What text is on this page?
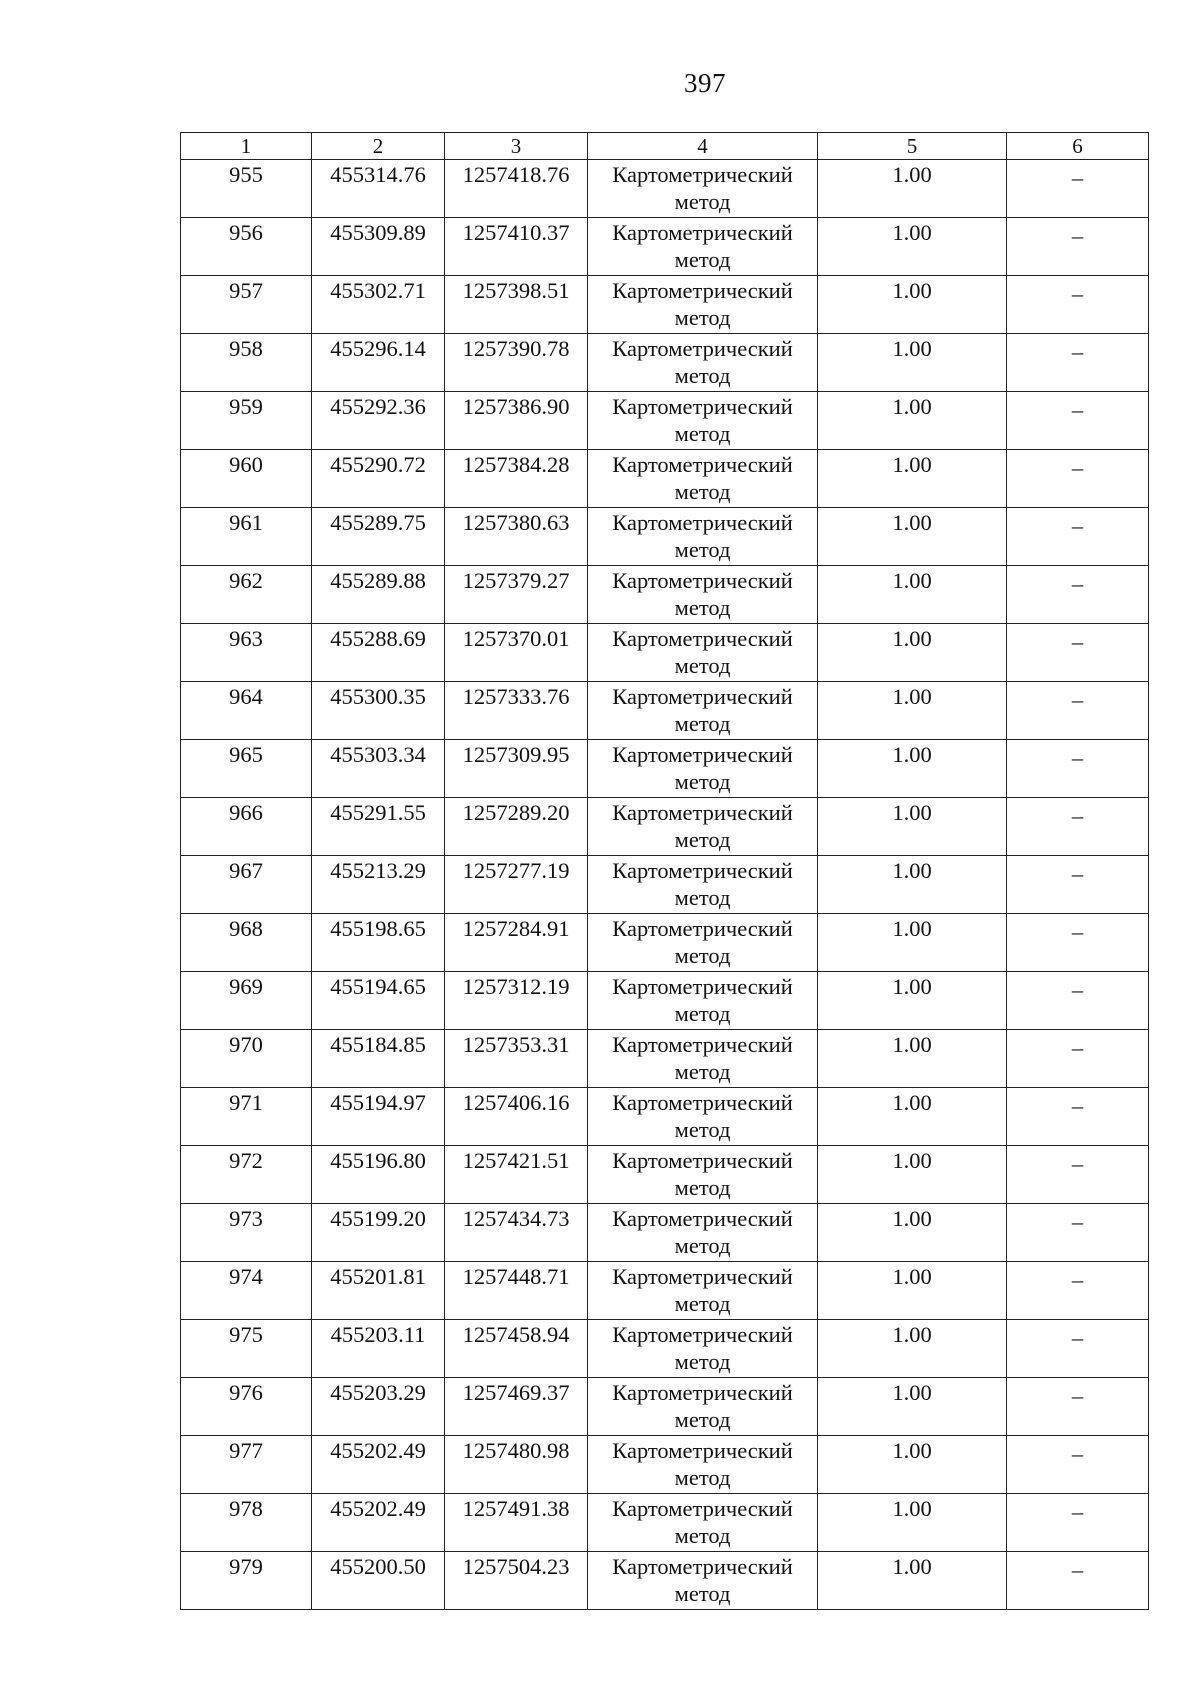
397
1	2	3	4	5	6
955	455314.76	1257418.76	Картометрический
метод	1.00	–
956	455309.89	1257410.37	Картометрический
метод	1.00	–
957	455302.71	1257398.51	Картометрический
метод	1.00	–
958	455296.14	1257390.78	Картометрический
метод	1.00	–
959	455292.36	1257386.90	Картометрический
метод	1.00	–
960	455290.72	1257384.28	Картометрический
метод	1.00	–
961	455289.75	1257380.63	Картометрический
метод	1.00	–
962	455289.88	1257379.27	Картометрический
метод	1.00	–
963	455288.69	1257370.01	Картометрический
метод	1.00	–
964	455300.35	1257333.76	Картометрический
метод	1.00	–
965	455303.34	1257309.95	Картометрический
метод	1.00	–
966	455291.55	1257289.20	Картометрический
метод	1.00	–
967	455213.29	1257277.19	Картометрический
метод	1.00	–
968	455198.65	1257284.91	Картометрический
метод	1.00	–
969	455194.65	1257312.19	Картометрический
метод	1.00	–
970	455184.85	1257353.31	Картометрический
метод	1.00	–
971	455194.97	1257406.16	Картометрический
метод	1.00	–
972	455196.80	1257421.51	Картометрический
метод	1.00	–
973	455199.20	1257434.73	Картометрический
метод	1.00	–
974	455201.81	1257448.71	Картометрический
метод	1.00	–
975	455203.11	1257458.94	Картометрический
метод	1.00	–
976	455203.29	1257469.37	Картометрический
метод	1.00	–
977	455202.49	1257480.98	Картометрический
метод	1.00	–
978	455202.49	1257491.38	Картометрический
метод	1.00	–
979	455200.50	1257504.23	Картометрический
метод	1.00	–
